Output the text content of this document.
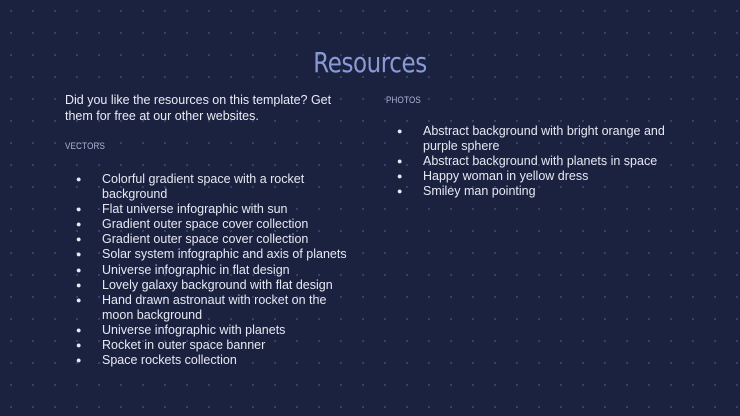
Resources
Did you like the resources on this template? Get them for free at our other websites.
VECTORS
●	Colorful gradient space with a rocket background
●	Flat universe infographic with sun
●	Gradient outer space cover collection
●	Gradient outer space cover collection
●	Solar system infographic and axis of planets
●	Universe infographic in flat design
●	Lovely galaxy background with flat design
●	Hand drawn astronaut with rocket on the moon background
●	Universe infographic with planets
●	Rocket in outer space banner
●	Space rockets collection
PHOTOS
●	Abstract background with bright orange and purple sphere
●	Abstract background with planets in space
●	Happy woman in yellow dress
●	Smiley man pointing
